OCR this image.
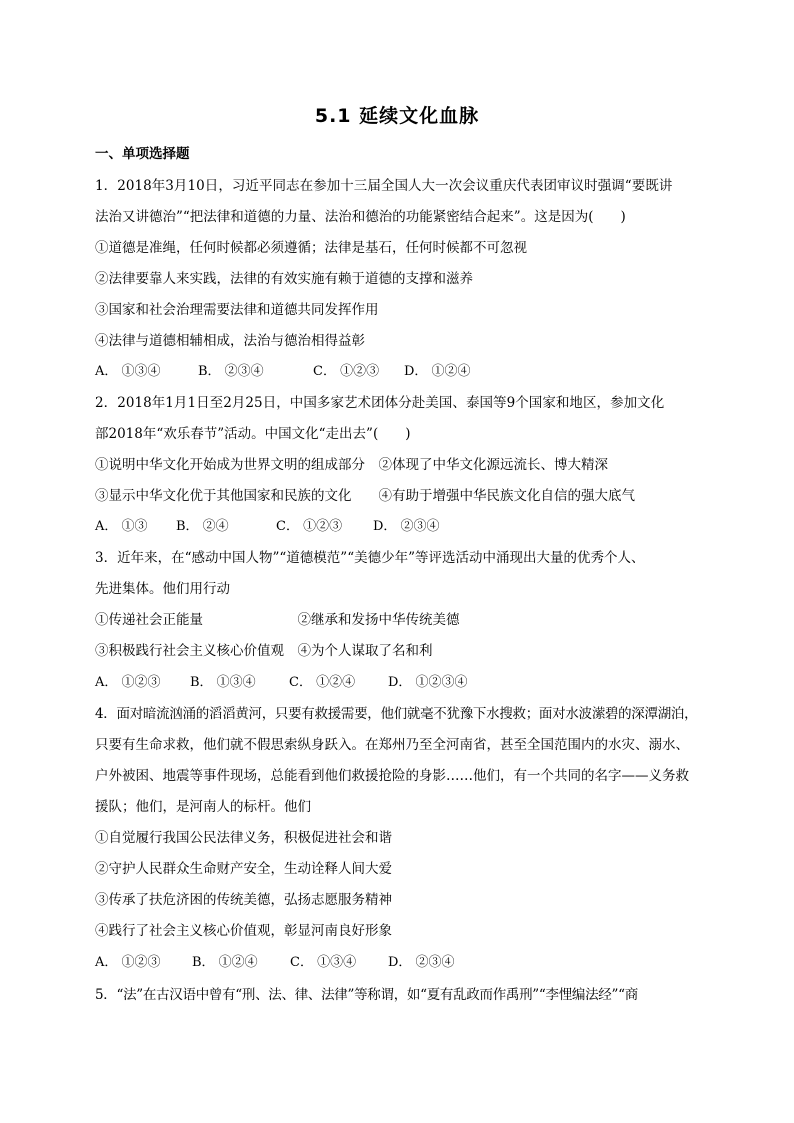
5.1 延续文化血脉
一、单项选择题
1．2018年3月10日，习近平同志在参加十三届全国人大一次会议重庆代表团审议时强调“要既讲
法治又讲德治”“把法律和道德的力量、法治和德治的功能紧密结合起来”。这是因为(　　)
①道德是准绳，任何时候都必须遵循；法律是基石，任何时候都不可忽视
②法律要靠人来实践，法律的有效实施有赖于道德的支撑和滋养
③国家和社会治理需要法律和道德共同发挥作用
④法律与道德相辅相成，法治与德治相得益彰
A． ①③④	B． ②③④	C． ①②③ D． ①②④
2．2018年1月1日至2月25日，中国多家艺术团体分赴美国、泰国等9个国家和地区，参加文化
部2018年“欢乐春节”活动。中国文化“走出去”(　　)
①说明中华文化开始成为世界文明的组成部分　②体现了中华文化源远流长、博大精深
③显示中华文化优于其他国家和民族的文化　　④有助于增强中华民族文化自信的强大底气
A． ①③ B． ②④	C． ①②③ D． ②③④
3．近年来，在“感动中国人物”“道德模范”“美德少年”等评选活动中涌现出大量的优秀个人、
先进集体。他们用行动
①传递社会正能量　　　　　　　②继承和发扬中华传统美德
③积极践行社会主义核心价值观　④为个人谋取了名和利
A． ①②③ B． ①③④	C． ①②④	D． ①②③④
4．面对暗流汹涌的滔滔黄河，只要有救援需要，他们就毫不犹豫下水搜救；面对水波潆碧的深潭湖泊，
只要有生命求救，他们就不假思索纵身跃入。在郑州乃至全河南省，甚至全国范围内的水灾、溺水、
户外被困、地震等事件现场，总能看到他们救援抢险的身影……他们，有一个共同的名字——义务救
援队；他们，是河南人的标杆。他们
①自觉履行我国公民法律义务，积极促进社会和谐
②守护人民群众生命财产安全，生动诠释人间大爱
③传承了扶危济困的传统美德，弘扬志愿服务精神
④践行了社会主义核心价值观，彰显河南良好形象
A． ①②③ B． ①②④ C． ①③④ D． ②③④
5．“法”在古汉语中曾有“刑、法、律、法律”等称谓，如“夏有乱政而作禹刑”“李悝编法经”“商
